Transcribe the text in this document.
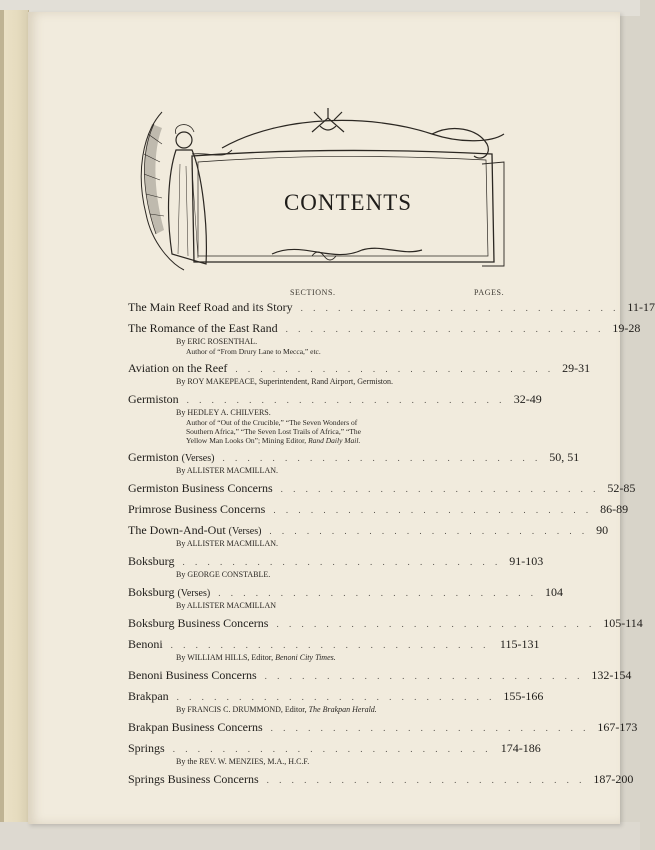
CONTENTS
SECTIONS.	PAGES.
The Main Reef Road and its Story . . . . . . . . . . . . . . . . . . . . . . . . . . 11-17
The Romance of the East Rand . . . . . . . . . . . . . . . . . . . . . . . . . . 19-28
By ERIC ROSENTHAL.
Author of “From Drury Lane to Mecca,” etc.
Aviation on the Reef . . . . . . . . . . . . . . . . . . . . . . . . . . 29-31
By ROY MAKEPEACE, Superintendent, Rand Airport, Germiston.
Germiston . . . . . . . . . . . . . . . . . . . . . . . . . . 32-49
By HEDLEY A. CHILVERS.
Author of “Out of the Crucible,” “The Seven Wonders of
Southern Africa,” “The Seven Lost Trails of Africa,” “The
Yellow Man Looks On”; Mining Editor, Rand Daily Mail.
Germiston (Verses) . . . . . . . . . . . . . . . . . . . . . . . . . . 50, 51
By ALLISTER MACMILLAN.
Germiston Business Concerns . . . . . . . . . . . . . . . . . . . . . . . . . . 52-85
Primrose Business Concerns . . . . . . . . . . . . . . . . . . . . . . . . . . 86-89
The Down-And-Out (Verses) . . . . . . . . . . . . . . . . . . . . . . . . . . 90
By ALLISTER MACMILLAN.
Boksburg . . . . . . . . . . . . . . . . . . . . . . . . . . 91-103
By GEORGE CONSTABLE.
Boksburg (Verses) . . . . . . . . . . . . . . . . . . . . . . . . . . 104
By ALLISTER MACMILLAN
Boksburg Business Concerns . . . . . . . . . . . . . . . . . . . . . . . . . . 105-114
Benoni . . . . . . . . . . . . . . . . . . . . . . . . . . 115-131
By WILLIAM HILLS, Editor, Benoni City Times.
Benoni Business Concerns . . . . . . . . . . . . . . . . . . . . . . . . . . 132-154
Brakpan . . . . . . . . . . . . . . . . . . . . . . . . . . 155-166
By FRANCIS C. DRUMMOND, Editor, The Brakpan Herald.
Brakpan Business Concerns . . . . . . . . . . . . . . . . . . . . . . . . . . 167-173
Springs . . . . . . . . . . . . . . . . . . . . . . . . . . 174-186
By the REV. W. MENZIES, M.A., H.C.F.
Springs Business Concerns . . . . . . . . . . . . . . . . . . . . . . . . . . 187-200
